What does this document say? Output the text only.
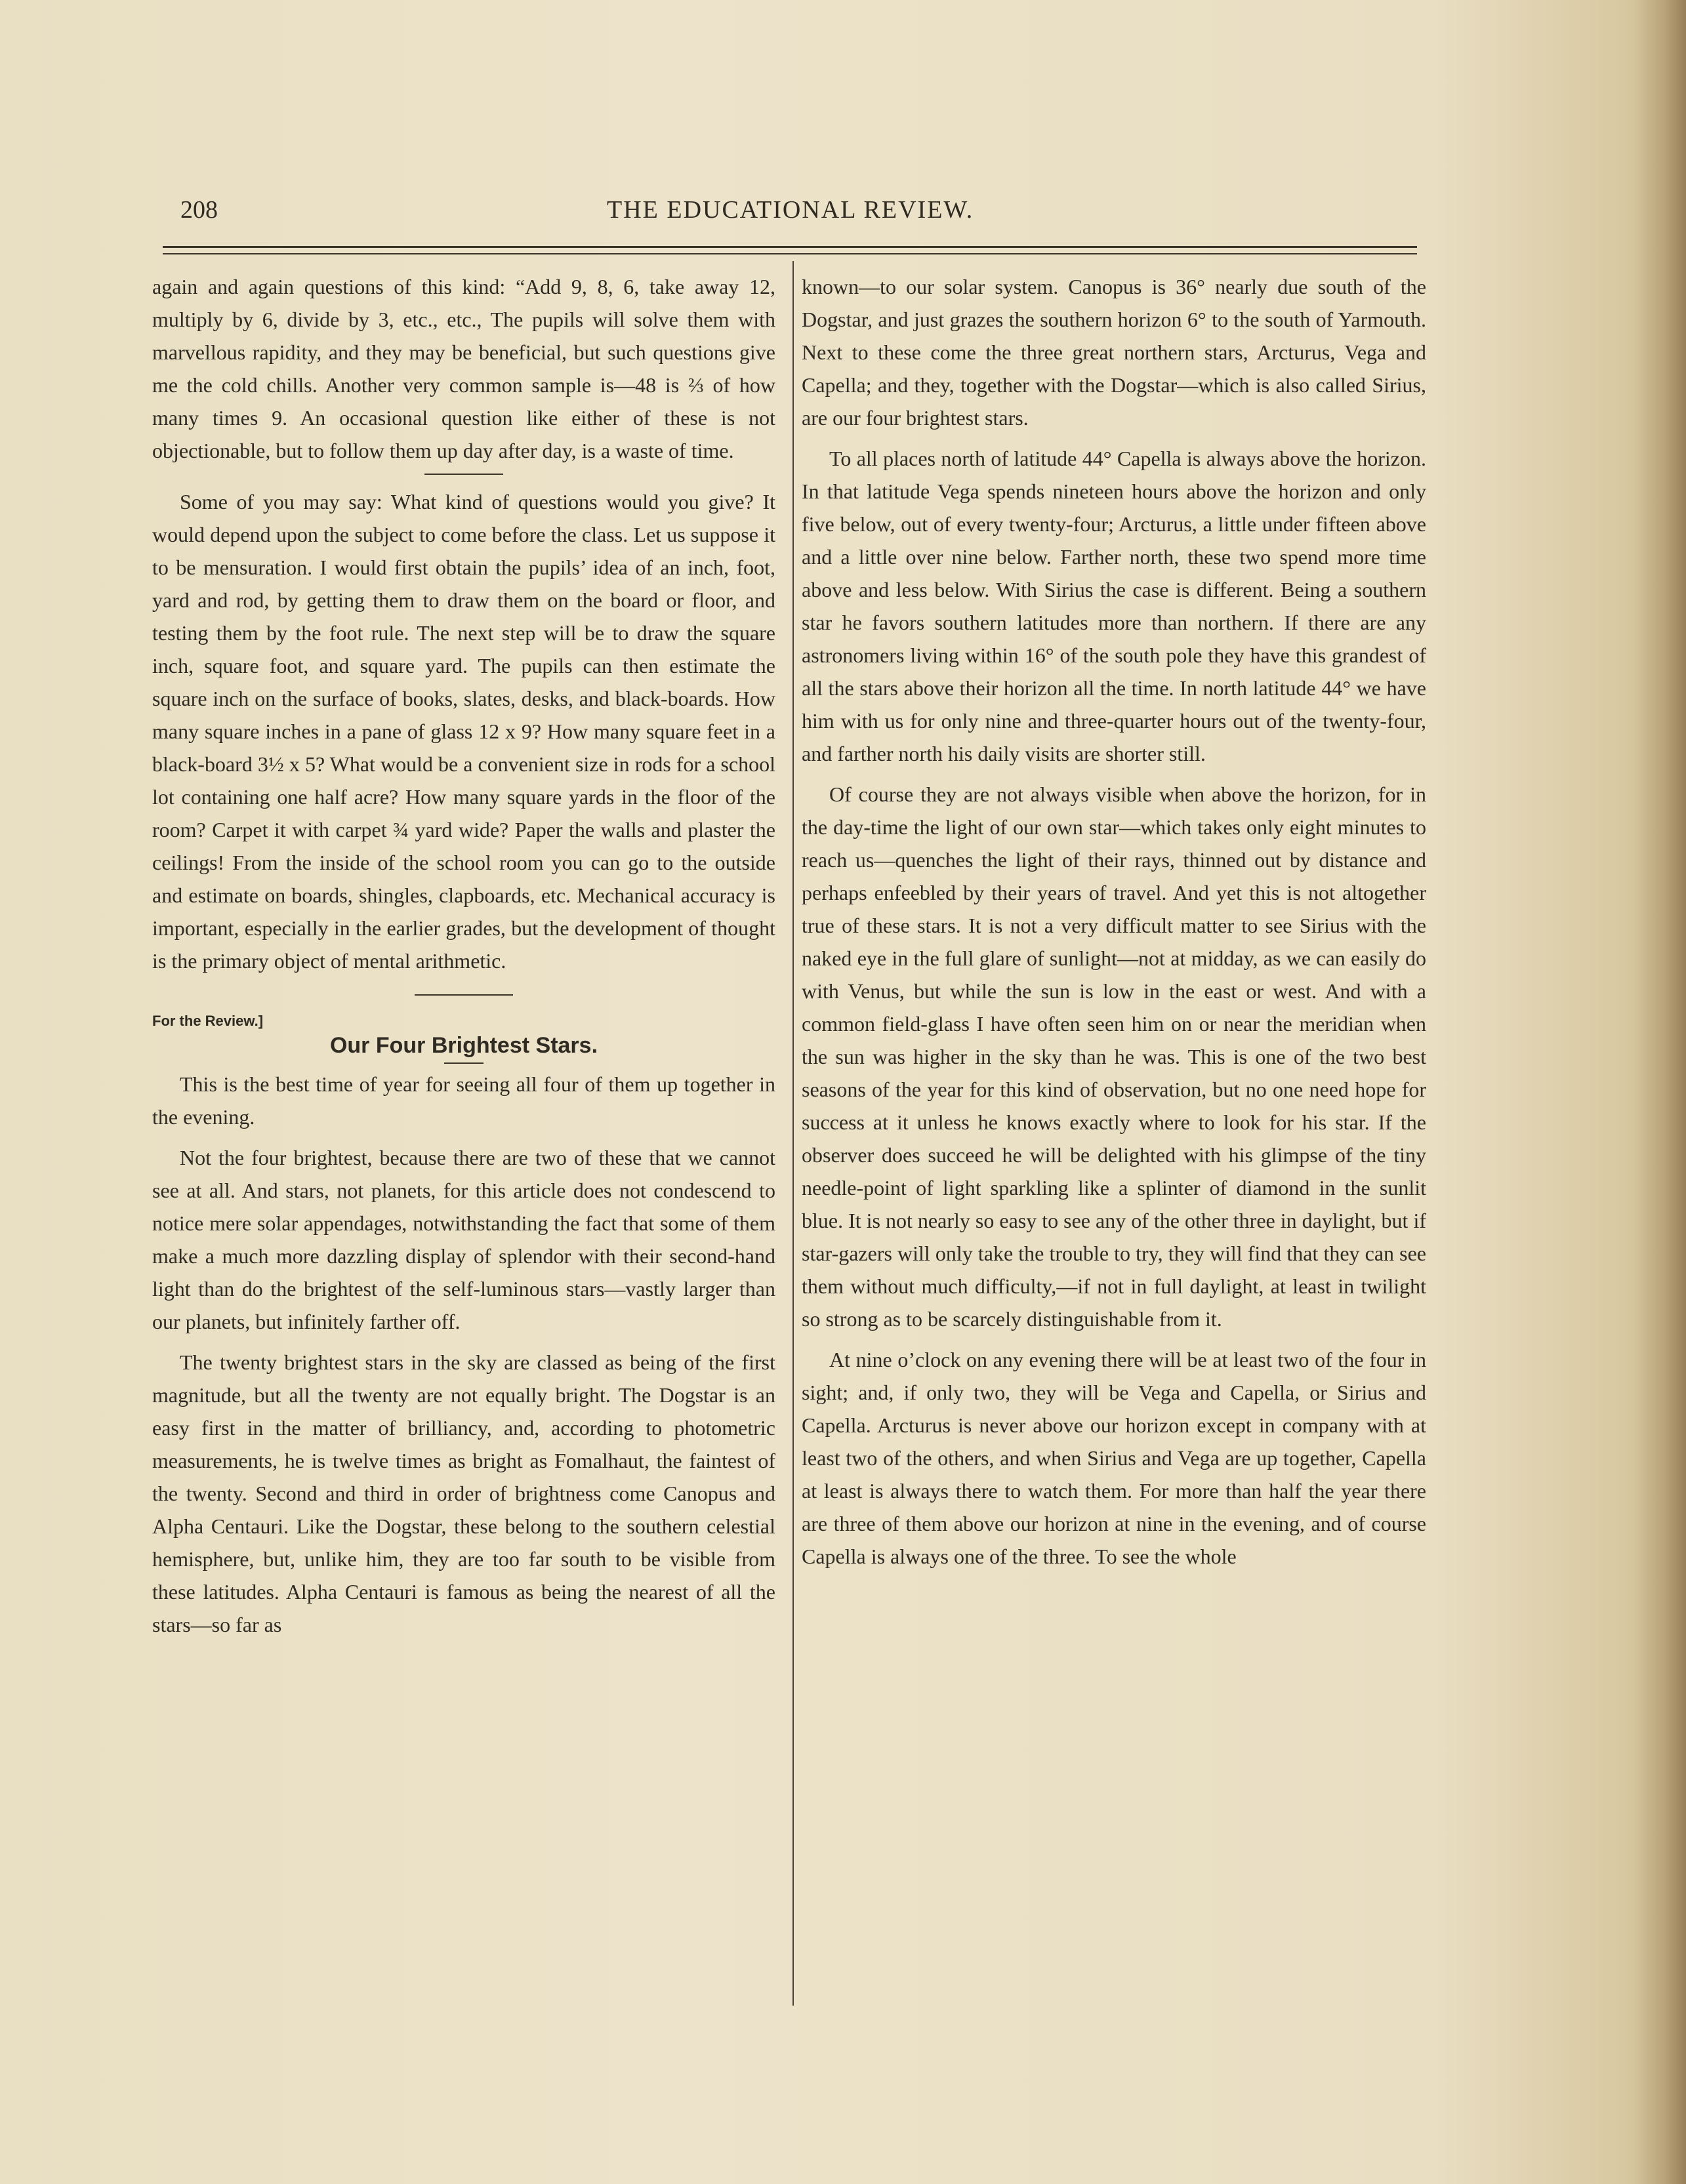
208	THE EDUCATIONAL REVIEW.

again and again questions of this kind: “Add 9, 8, 6, take away 12, multiply by 6, divide by 3, etc., etc., The pupils will solve them with marvellous rapidity, and they may be beneficial, but such questions give me the cold chills. Another very common sample is—48 is ⅔ of how many times 9. An occasional question like either of these is not objectionable, but to follow them up day after day, is a waste of time.

Some of you may say: What kind of questions would you give? It would depend upon the subject to come before the class. Let us suppose it to be mensuration. I would first obtain the pupils’ idea of an inch, foot, yard and rod, by getting them to draw them on the board or floor, and testing them by the foot rule. The next step will be to draw the square inch, square foot, and square yard. The pupils can then estimate the square inch on the surface of books, slates, desks, and black-boards. How many square inches in a pane of glass 12 x 9? How many square feet in a black-board 3½ x 5? What would be a convenient size in rods for a school lot containing one half acre? How many square yards in the floor of the room? Carpet it with carpet ¾ yard wide? Paper the walls and plaster the ceilings! From the inside of the school room you can go to the outside and estimate on boards, shingles, clapboards, etc. Mechanical accuracy is important, especially in the earlier grades, but the development of thought is the primary object of mental arithmetic.

For the Review.]
Our Four Brightest Stars.

This is the best time of year for seeing all four of them up together in the evening.

Not the four brightest, because there are two of these that we cannot see at all. And stars, not planets, for this article does not condescend to notice mere solar appendages, notwithstanding the fact that some of them make a much more dazzling display of splendor with their second-hand light than do the brightest of the self-luminous stars—vastly larger than our planets, but infinitely farther off.

The twenty brightest stars in the sky are classed as being of the first magnitude, but all the twenty are not equally bright. The Dogstar is an easy first in the matter of brilliancy, and, according to photometric measurements, he is twelve times as bright as Fomalhaut, the faintest of the twenty. Second and third in order of brightness come Canopus and Alpha Centauri. Like the Dogstar, these belong to the southern celestial hemisphere, but, unlike him, they are too far south to be visible from these latitudes. Alpha Centauri is famous as being the nearest of all the stars—so far as

known—to our solar system. Canopus is 36° nearly due south of the Dogstar, and just grazes the southern horizon 6° to the south of Yarmouth. Next to these come the three great northern stars, Arcturus, Vega and Capella; and they, together with the Dogstar—which is also called Sirius, are our four brightest stars.

To all places north of latitude 44° Capella is always above the horizon. In that latitude Vega spends nineteen hours above the horizon and only five below, out of every twenty-four; Arcturus, a little under fifteen above and a little over nine below. Farther north, these two spend more time above and less below. With Sirius the case is different. Being a southern star he favors southern latitudes more than northern. If there are any astronomers living within 16° of the south pole they have this grandest of all the stars above their horizon all the time. In north latitude 44° we have him with us for only nine and three-quarter hours out of the twenty-four, and farther north his daily visits are shorter still.

Of course they are not always visible when above the horizon, for in the day-time the light of our own star—which takes only eight minutes to reach us—quenches the light of their rays, thinned out by distance and perhaps enfeebled by their years of travel. And yet this is not altogether true of these stars. It is not a very difficult matter to see Sirius with the naked eye in the full glare of sunlight—not at midday, as we can easily do with Venus, but while the sun is low in the east or west. And with a common field-glass I have often seen him on or near the meridian when the sun was higher in the sky than he was. This is one of the two best seasons of the year for this kind of observation, but no one need hope for success at it unless he knows exactly where to look for his star. If the observer does succeed he will be delighted with his glimpse of the tiny needle-point of light sparkling like a splinter of diamond in the sunlit blue. It is not nearly so easy to see any of the other three in daylight, but if star-gazers will only take the trouble to try, they will find that they can see them without much difficulty,—if not in full daylight, at least in twilight so strong as to be scarcely distinguishable from it.

At nine o’clock on any evening there will be at least two of the four in sight; and, if only two, they will be Vega and Capella, or Sirius and Capella. Arcturus is never above our horizon except in company with at least two of the others, and when Sirius and Vega are up together, Capella at least is always there to watch them. For more than half the year there are three of them above our horizon at nine in the evening, and of course Capella is always one of the three. To see the whole
